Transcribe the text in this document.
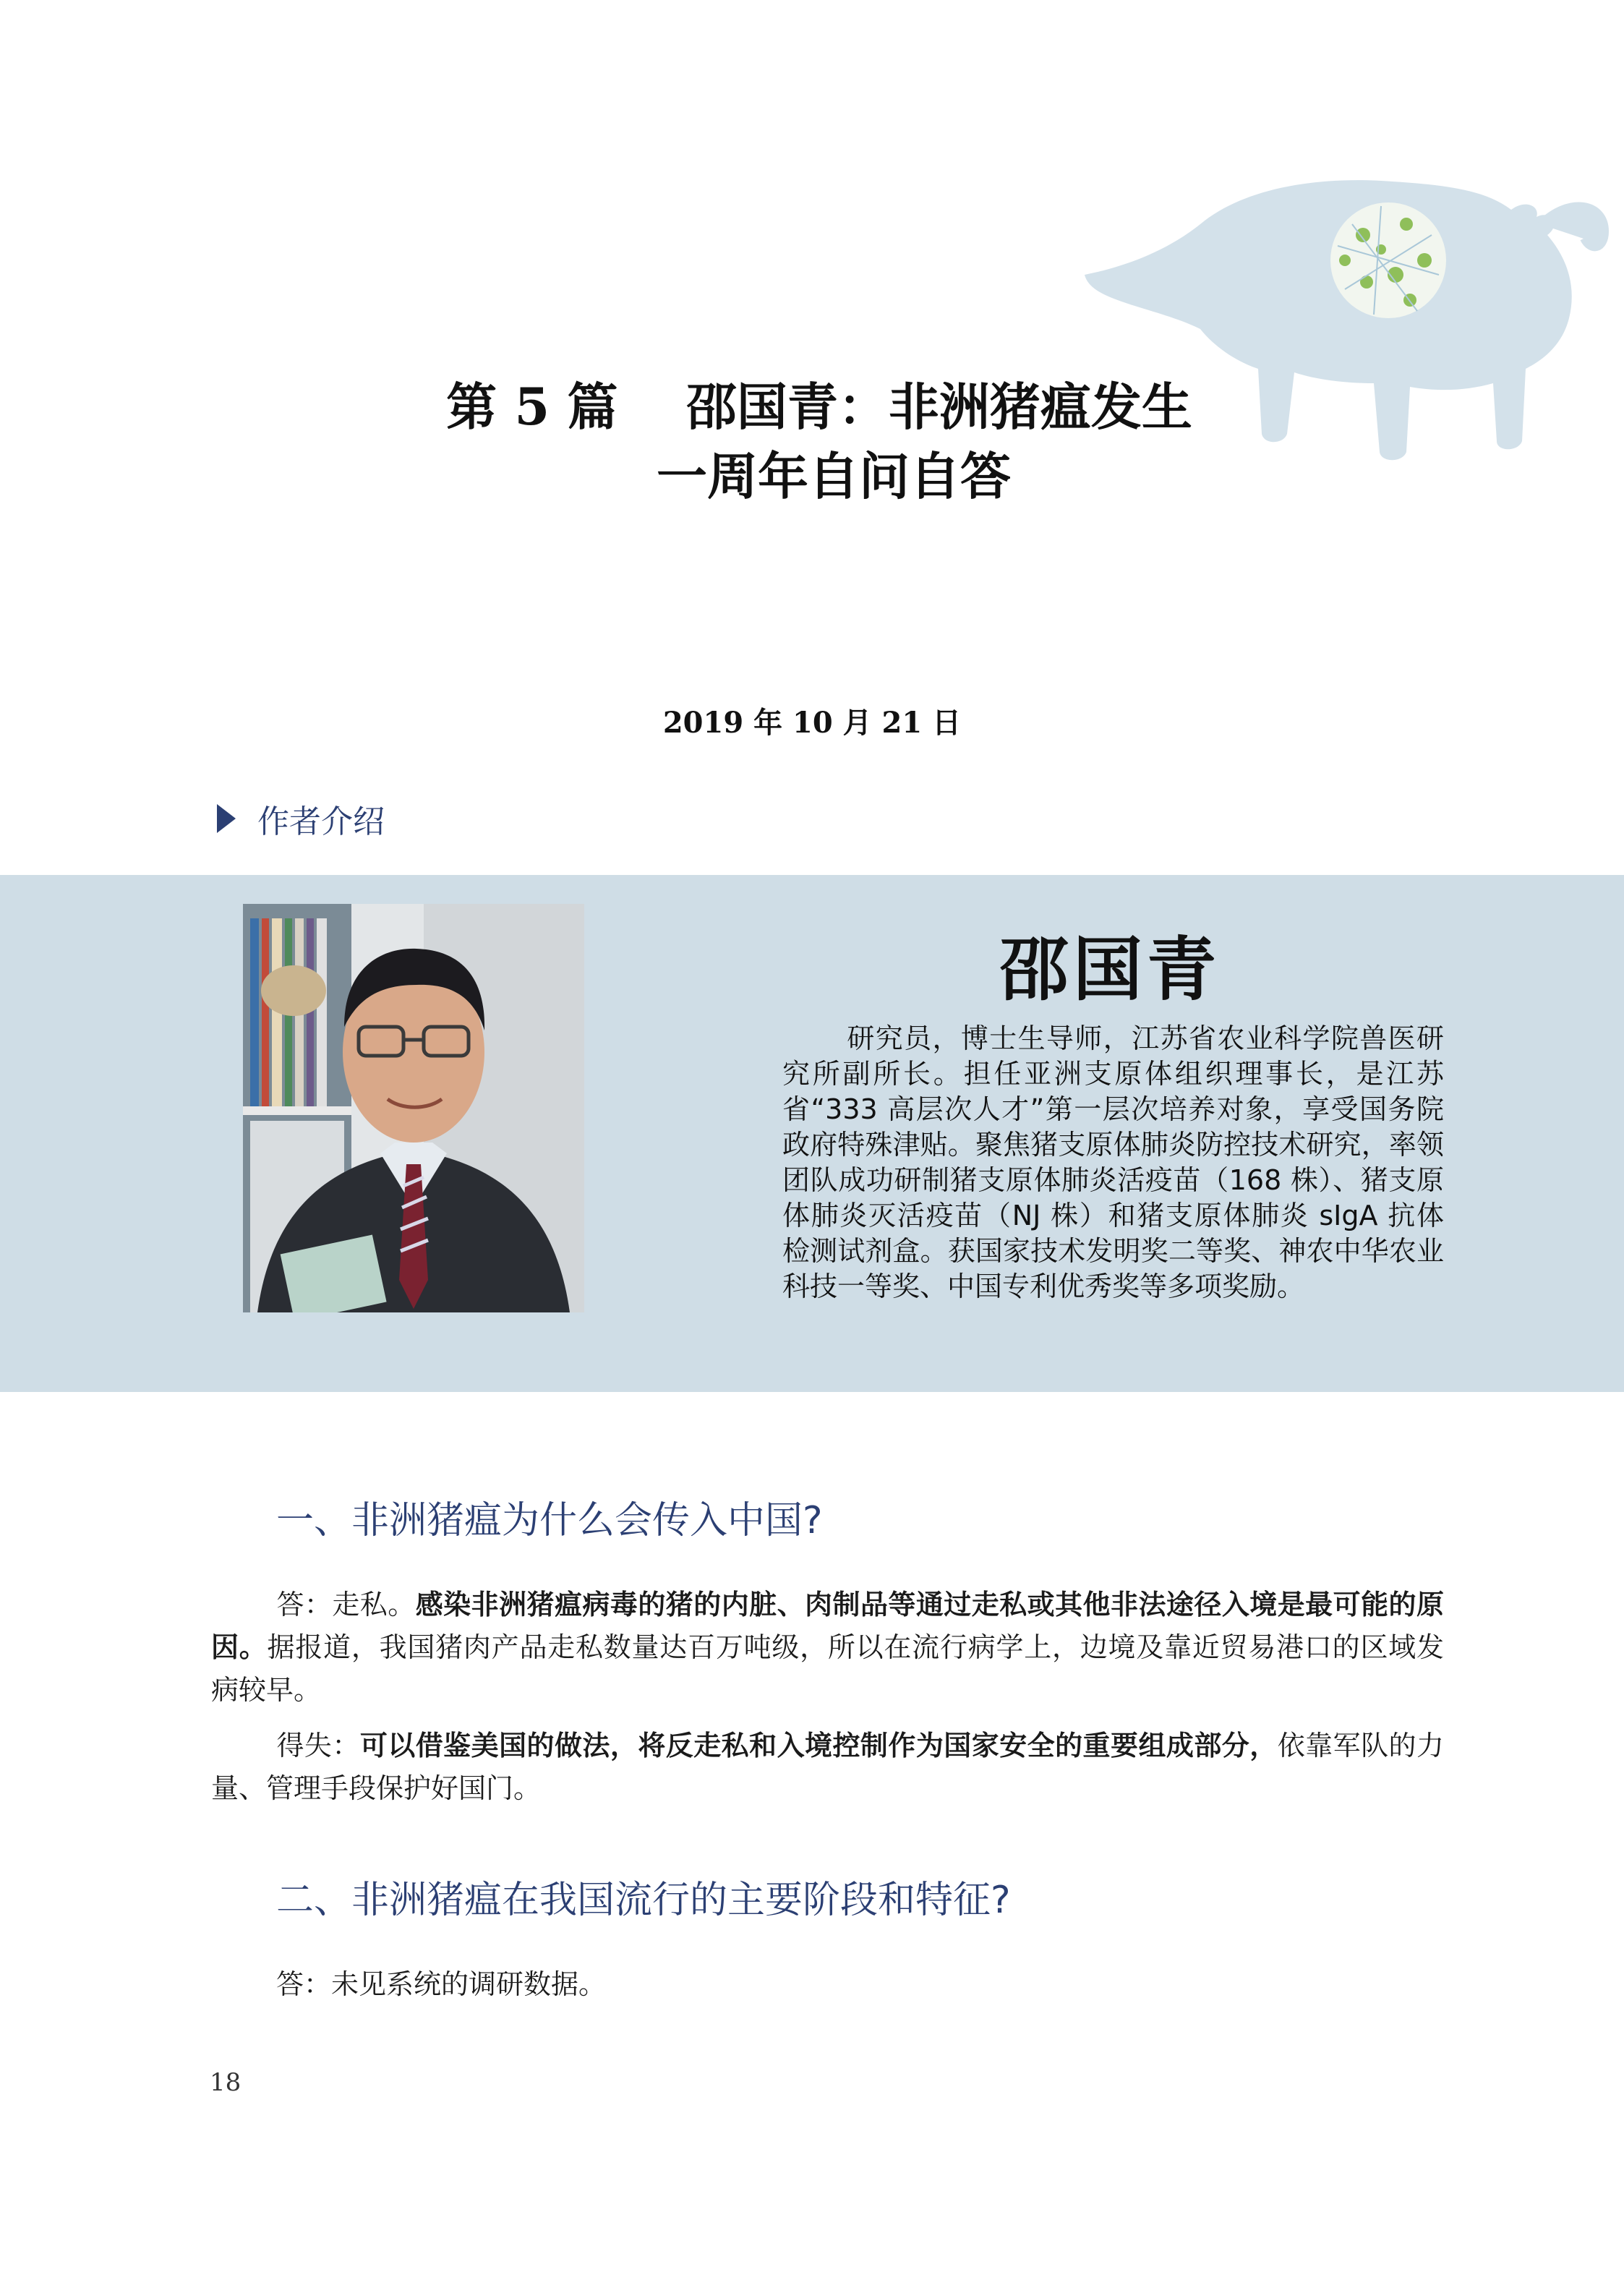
第 5 篇　 邵国青：非洲猪瘟发生
一周年自问自答
2019 年 10 月 21 日
作者介绍
邵国青
研究员，博士生导师，江苏省农业科学院兽医研究所副所长。担任亚洲支原体组织理事长，是江苏省“333 高层次人才”第一层次培养对象，享受国务院政府特殊津贴。聚焦猪支原体肺炎防控技术研究，率领团队成功研制猪支原体肺炎活疫苗（168 株）、猪支原体肺炎灭活疫苗（NJ 株）和猪支原体肺炎 sIgA 抗体检测试剂盒。获国家技术发明奖二等奖、神农中华农业科技一等奖、中国专利优秀奖等多项奖励。
一、非洲猪瘟为什么会传入中国?
答：走私。感染非洲猪瘟病毒的猪的内脏、肉制品等通过走私或其他非法途径入境是最可能的原因。据报道，我国猪肉产品走私数量达百万吨级，所以在流行病学上，边境及靠近贸易港口的区域发病较早。
得失：可以借鉴美国的做法，将反走私和入境控制作为国家安全的重要组成部分，依靠军队的力量、管理手段保护好国门。
二、非洲猪瘟在我国流行的主要阶段和特征?
答：未见系统的调研数据。
18
